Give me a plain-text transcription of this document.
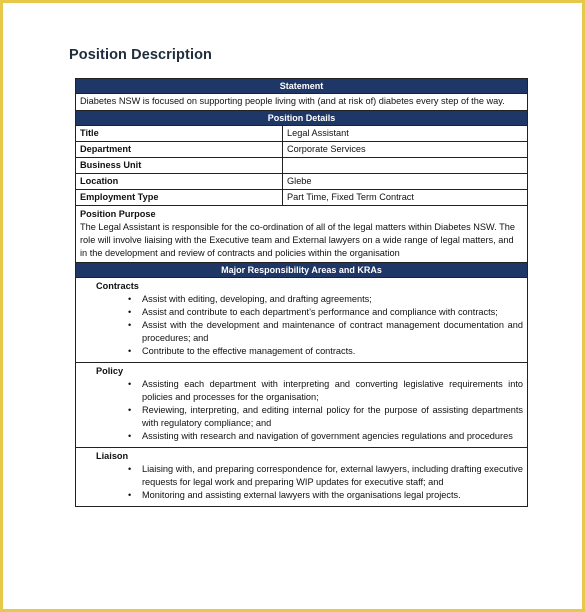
Position Description
Statement
Diabetes NSW is focused on supporting people living with (and at risk of) diabetes every step of the way.
Position Details
Title	Legal Assistant
Department	Corporate Services
Business Unit
Location	Glebe
Employment Type	Part Time, Fixed Term Contract
Position Purpose
The Legal Assistant is responsible for the co-ordination of all of the legal matters within Diabetes NSW. The role will involve liaising with the Executive team and External lawyers on a wide range of legal matters, and in the development and review of contracts and policies within the organisation
Major Responsibility Areas and KRAs
Contracts
• Assist with editing, developing, and drafting agreements;
• Assist and contribute to each department’s performance and compliance with contracts;
• Assist with the development and maintenance of contract management documentation and procedures; and
• Contribute to the effective management of contracts.
Policy
• Assisting each department with interpreting and converting legislative requirements into policies and processes for the organisation;
• Reviewing, interpreting, and editing internal policy for the purpose of assisting departments with regulatory compliance; and
• Assisting with research and navigation of government agencies regulations and procedures
Liaison
• Liaising with, and preparing correspondence for, external lawyers, including drafting executive requests for legal work and preparing WIP updates for executive staff; and
• Monitoring and assisting external lawyers with the organisations legal projects.
